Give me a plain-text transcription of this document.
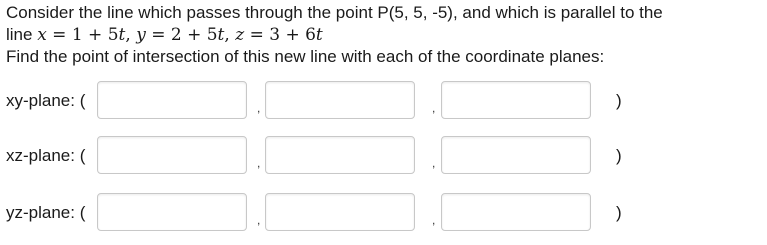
Consider the line which passes through the point P(5, 5, -5), and which is parallel to the

line x = 1 + 5t, y = 2 + 5t, z = 3 + 6t

Find the point of intersection of this new line with each of the coordinate planes:

xy-plane: (	,	,	)
xz-plane: (	,	,	)
yz-plane: (	,	,	)
